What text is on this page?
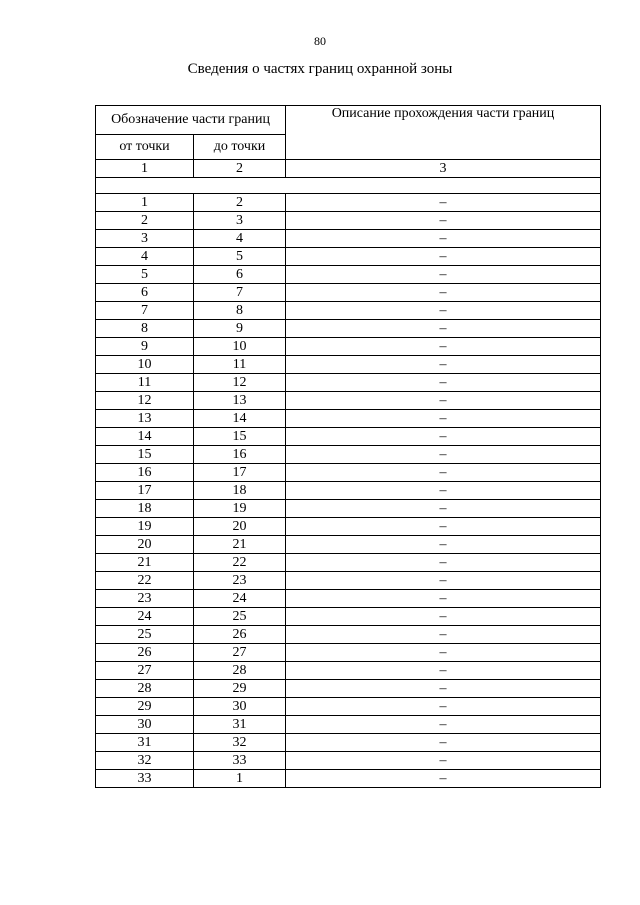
80
Сведения о частях границ охранной зоны
Обозначение части границ		Описание прохождения части границ
от точки	до точки	
1	2	3

1	2	–
2	3	–
3	4	–
4	5	–
5	6	–
6	7	–
7	8	–
8	9	–
9	10	–
10	11	–
11	12	–
12	13	–
13	14	–
14	15	–
15	16	–
16	17	–
17	18	–
18	19	–
19	20	–
20	21	–
21	22	–
22	23	–
23	24	–
24	25	–
25	26	–
26	27	–
27	28	–
28	29	–
29	30	–
30	31	–
31	32	–
32	33	–
33	1	–
